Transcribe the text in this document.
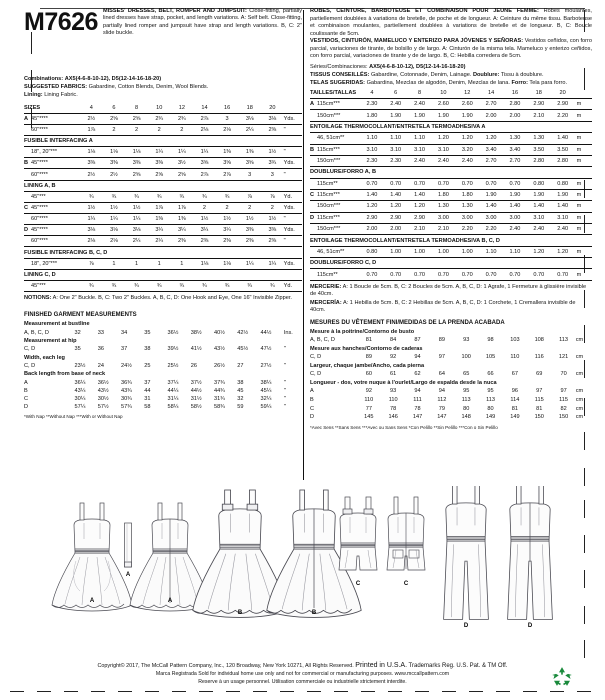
M7626 MISSES' DRESSES, BELT, ROMPER AND JUMPSUIT: Close-fitting, partially lined dresses have strap, pocket, and length variations. A: Self belt. Close-fitting, partially lined romper and jumpsuit have strap and length variations. B, C: 2" slide buckle.
Combinations: AX5(4-6-8-10-12), D5(12-14-16-18-20)
SUGGESTED FABRICS: Gabardine, Cotton Blends, Denim, Wool Blends.
Lining: Lining Fabric.
SIZES	4	6	8	10	12	14	16	18	20	

A 45"****	2½	2⅝	2⅝	2¾	2¾	2⅞	3	3⅛	3⅛	Yds.

60"****	1⅞	2	2	2	2	2⅛	2⅛	2¼	2⅜	"

FUSIBLE INTERFACING A										

18", 20"***	1⅛	1⅛	1⅛	1¼	1¼	1¼	1⅜	1⅜	1½	"

B 45"****	3⅜	3⅜	3⅜	3⅜	3½	3⅝	3⅝	3⅝	3¾	Yds.

60"****	2½	2½	2⅝	2⅝	2⅝	2⅞	2⅞	3	3	"

LINING A, B										

45"***	¾	¾	¾	¾	¾	¾	¾	⅞	⅞	Yd.

C 45"****	1½	1½	1½	1⅞	1⅞	2	2	2	2	Yds.

60"****	1¼	1¼	1¼	1⅜	1⅜	1½	1½	1½	1½	"

D 45"****	3⅛	3⅛	3⅛	3¼	3¼	3¼	3¼	3⅜	3⅜	Yds.

60"****	2⅛	2⅛	2¼	2¼	2⅜	2⅜	2⅜	2⅜	2⅜	"

FUSIBLE INTERFACING B, C, D										

18", 20"***	⅞	1	1	1	1	1⅛	1⅛	1¼	1¼	Yds.

LINING C, D										

45"***	¾	¾	¾	¾	¾	¾	¾	¾	¾	Yd.

NOTIONS: A: One 2" Buckle. B, C: Two 2" Buckles. A, B, C, D: One Hook and Eye, One 16" Invisible Zipper.
FINISHED GARMENT MEASUREMENTS
Measurement at bustline
A, B, C, D	32	33	34	35	36½	38½	40½	42½	44½	Ins.
Measurement at hip
C, D	35	36	37	38	39½	41½	43½	45½	47½	"
Width, each leg
C, D	23½	24	24½	25	25½	26	26½	27	27½	"
Back length from base of neck
A	36¼	36½	36¾	37	37¼	37½	37¾	38	38¼	"
B	43¼	43½	43¾	44	44¼	44½	44¾	45	45¼	"
C	30¼	30½	30¾	31	31¼	31½	31¾	32	32¼	"
D	57¼	57½	57¾	58	58¼	58½	58¾	59	59¼	"
*With Nap **Without Nap ***With or Without Nap
ROBES, CEINTURE, BARBOTEUSE ET COMBINAISON POUR JEUNE FEMME: Robes moulantes, partiellement doublées à variations de bretelle, de poche et de longueur. A: Ceinture du même tissu. Barboteuse et combinaison moulantes, partiellement doublées à variations de bretelle et de longueur. B, C: Boucle coulissante de 5cm.
VESTIDOS, CINTURÓN, MAMELUCO Y ENTERIZO PARA JÓVENES Y SEÑORAS: Vestidos ceñidos, con forro parcial, variaciones de tirante, de bolsillo y de largo. A: Cinturón de la misma tela. Mameluco y enterizo ceñidos, con forro parcial, variaciones de tirante y de de largo. B, C: Hebilla corredera de 5cm.
Séries/Combinaciones: AX5(4-6-8-10-12), D5(12-14-16-18-20)
TISSUS CONSEILLÉS: Gabardine, Cotonnade, Denim, Lainage. Doublure: Tissu à doublure.
TELAS SUGERIDAS: Gabardina, Mezclas de algodón, Denim, Mezclas de lana. Forro: Tela para forro.
TAILLES/TALLAS	4	6	8	10	12	14	16	18	20	

A 115cm***	2.30	2.40	2.40	2.60	2.60	2.70	2.80	2.90	2.90	m

150cm***	1.80	1.90	1.90	1.90	1.90	2.00	2.00	2.10	2.20	m

ENTOILAGE THERMOCOLLANT/ENTRETELA TERMOADHESIVA A										

46, 51cm**	1.10	1.10	1.10	1.20	1.20	1.20	1.30	1.30	1.40	m

B 115cm***	3.10	3.10	3.10	3.10	3.20	3.40	3.40	3.50	3.50	m

150cm***	2.30	2.30	2.40	2.40	2.40	2.70	2.70	2.80	2.80	m

DOUBLURE/FORRO A, B										

115cm**	0.70	0.70	0.70	0.70	0.70	0.70	0.70	0.80	0.80	m

C 115cm***	1.40	1.40	1.40	1.80	1.80	1.90	1.90	1.90	1.90	m

150cm***	1.20	1.20	1.20	1.30	1.30	1.40	1.40	1.40	1.40	m

D 115cm***	2.90	2.90	2.90	3.00	3.00	3.00	3.00	3.10	3.10	m

150cm***	2.00	2.00	2.10	2.10	2.20	2.20	2.40	2.40	2.40	m

ENTOILAGE THERMOCOLLANT/ENTRETELA TERMOADHESIVA B, C, D										

46, 51cm**	0.80	1.00	1.00	1.00	1.00	1.10	1.10	1.20	1.20	m

DOUBLURE/FORRO C, D										

115cm**	0.70	0.70	0.70	0.70	0.70	0.70	0.70	0.70	0.70	m

MERCERIE: A: 1 Boucle de 5cm. B, C: 2 Boucles de 5cm. A, B, C, D: 1 Agrafe, 1 Fermeture à glissière invisible de 40cm.
MERCERÍA: A: 1 Hebilla de 5cm. B, C: 2 Hebillas de 5cm. A, B, C, D: 1 Corchete, 1 Cremallera invisible de 40cm.
MESURES DU VÊTEMENT FINI/MEDIDAS DE LA PRENDA ACABADA
Mesure à la poitrine/Contorno de busto
A, B, C, D	81	84	87	89	93	98	103	108	113	cm
Mesure aux hanches/Contorno de caderas
C, D	89	92	94	97	100	105	110	116	121	cm
Largeur, chaque jambe/Ancho, cada pierna
C, D	60	61	62	64	65	66	67	69	70	cm
Longueur - dos, votre nuque à l'ourlet/Largo de espalda desde la nuca
A	92	93	94	94	95	95	96	97	97	cm
B	110	110	111	112	113	113	114	115	115	cm
C	77	78	78	79	80	80	81	81	82	cm
D	145	146	147	147	148	149	149	150	150	cm
*Avec Sens **Sans Sens ***Avec ou Sans Sens *Con Pelillo **Sin Pelillo ***Con o Sin Pelillo
A
A
A
B	B
C	C
D	D
Copyright© 2017, The McCall Pattern Company, Inc., 120 Broadway, New York 10271, All Rights Reserved. Printed in U.S.A. Trademarks Reg. U.S. Pat. & TM Off.
Marca Registrada Sold for individual home use only and not for commercial or manufacturing purposes. www.mccallpattern.com
Reserve à un usage personnel. Utilisation commerciale ou industrielle strictement interdite.
